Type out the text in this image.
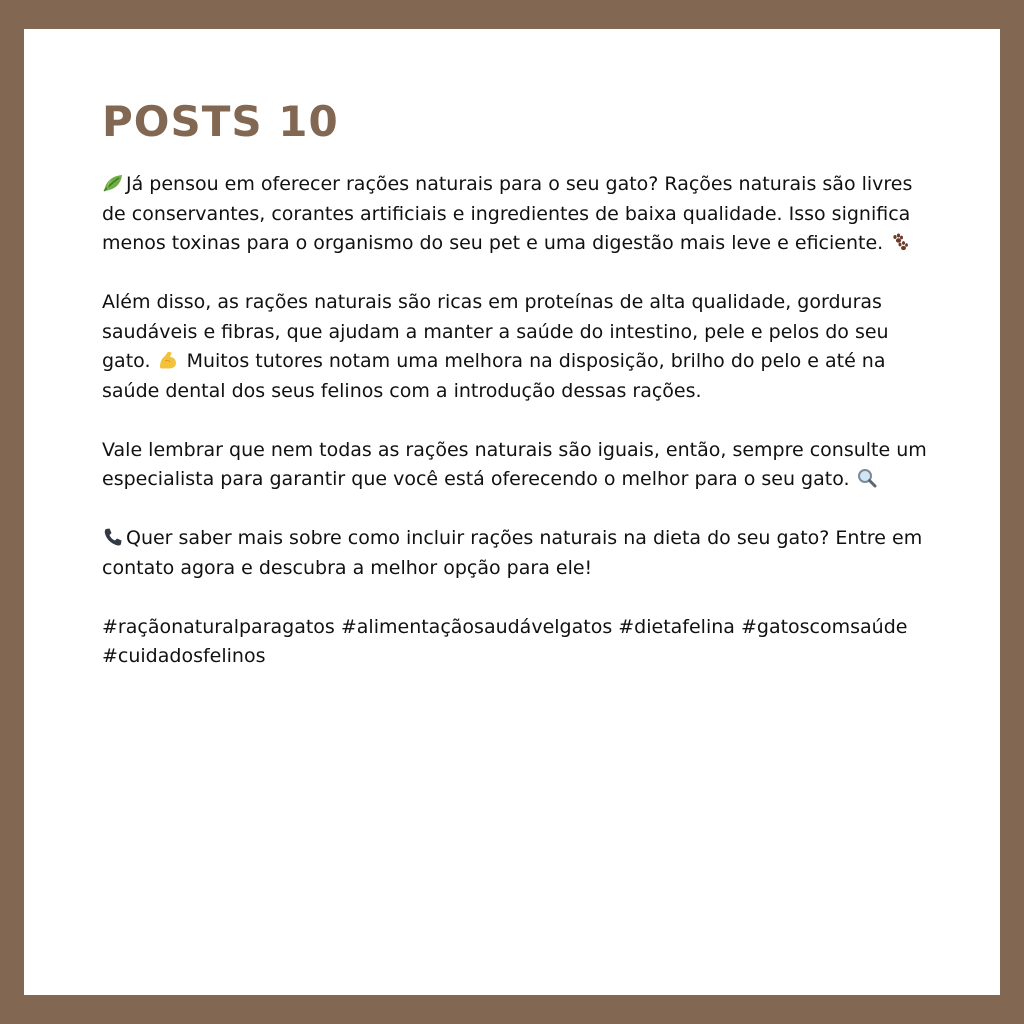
POSTS 10

Já pensou em oferecer rações naturais para o seu gato? Rações naturais são livres de conservantes, corantes artificiais e ingredientes de baixa qualidade. Isso significa menos toxinas para o organismo do seu pet e uma digestão mais leve e eficiente.

Além disso, as rações naturais são ricas em proteínas de alta qualidade, gorduras saudáveis e fibras, que ajudam a manter a saúde do intestino, pele e pelos do seu gato. Muitos tutores notam uma melhora na disposição, brilho do pelo e até na saúde dental dos seus felinos com a introdução dessas rações.

Vale lembrar que nem todas as rações naturais são iguais, então, sempre consulte um especialista para garantir que você está oferecendo o melhor para o seu gato.

Quer saber mais sobre como incluir rações naturais na dieta do seu gato? Entre em contato agora e descubra a melhor opção para ele!

#raçãonaturalparagatos #alimentaçãosaudávelgatos #dietafelina #gatoscomsaúde #cuidadosfelinos
